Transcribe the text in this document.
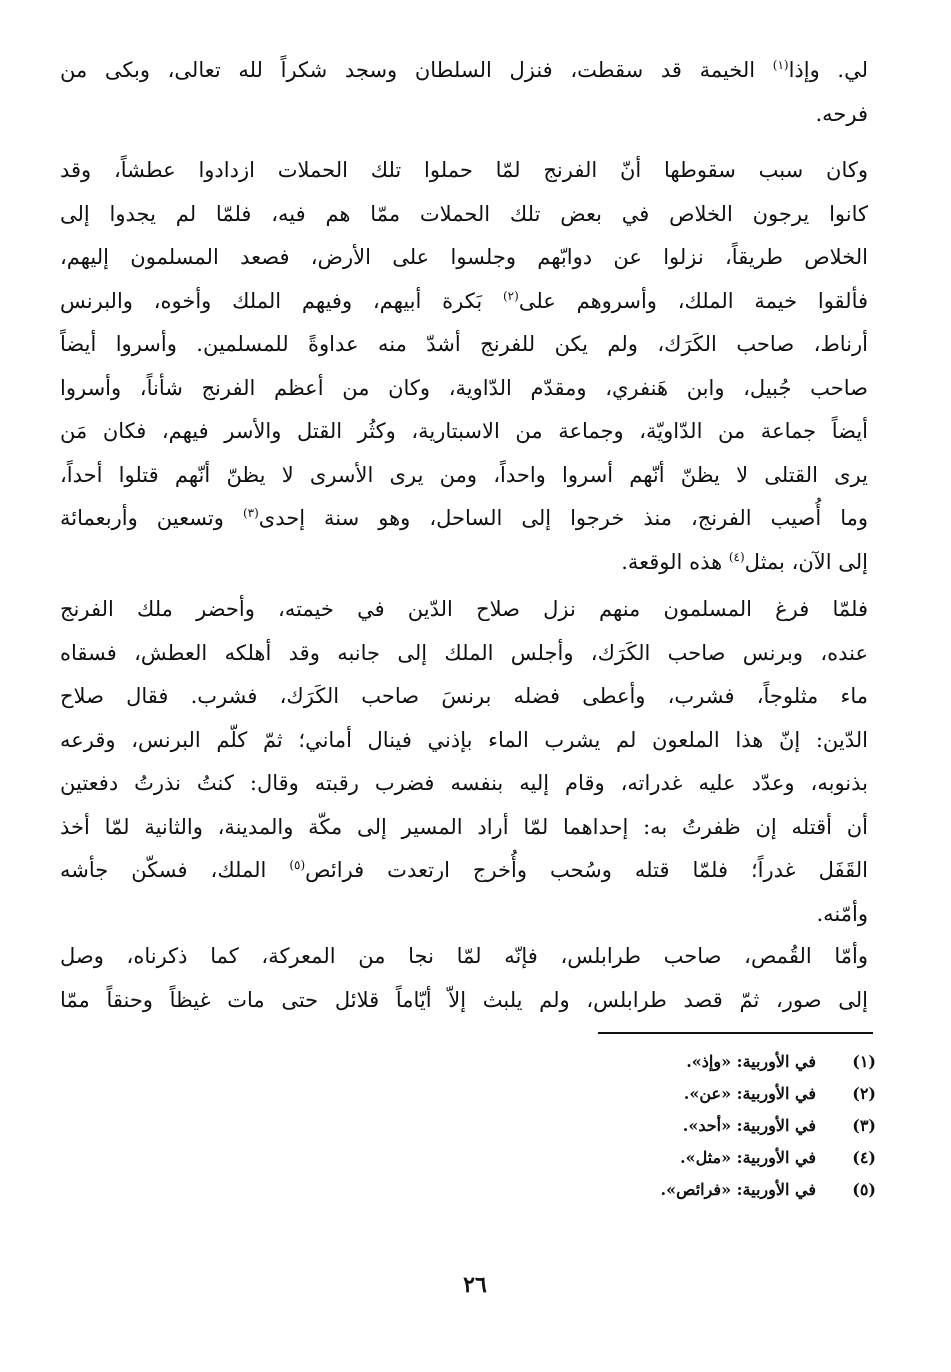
لي. وإذا$^{(١)}$ الخيمة قد سقطت، فنزل السلطان وسجد شكراً لله تعالى، وبكى من
فرحه.
وكان سبب سقوطها أنّ الفرنج لمّا حملوا تلك الحملات ازدادوا عطشاً، وقد
كانوا يرجون الخلاص في بعض تلك الحملات ممّا هم فيه، فلمّا لم يجدوا إلى
الخلاص طريقاً، نزلوا عن دوابّهم وجلسوا على الأرض، فصعد المسلمون إليهم،
فألقوا خيمة الملك، وأسروهم على$^{(٢)}$ بَكرة أبيهم، وفيهم الملك وأخوه، والبرنس
أرناط، صاحب الكَرَك، ولم يكن للفرنج أشدّ منه عداوةً للمسلمين. وأسروا أيضاً
صاحب جُبيل، وابن هَنفري، ومقدّم الدّاوية، وكان من أعظم الفرنج شأناً، وأسروا
أيضاً جماعة من الدّاويّة، وجماعة من الاسبتارية، وكثُر القتل والأسر فيهم، فكان مَن
يرى القتلى لا يظنّ أنّهم أسروا واحداً، ومن يرى الأسرى لا يظنّ أنّهم قتلوا أحداً،
وما أُصيب الفرنج، منذ خرجوا إلى الساحل، وهو سنة إحدى$^{(٣)}$ وتسعين وأربعمائة
إلى الآن، بمثل$^{(٤)}$ هذه الوقعة.
فلمّا فرغ المسلمون منهم نزل صلاح الدّين في خيمته، وأحضر ملك الفرنج
عنده، وبرنس صاحب الكَرَك، وأجلس الملك إلى جانبه وقد أهلكه العطش، فسقاه
ماء مثلوجاً، فشرب، وأعطى فضله برنسَ صاحب الكَرَك، فشرب. فقال صلاح
الدّين: إنّ هذا الملعون لم يشرب الماء بإذني فينال أماني؛ ثمّ كلّم البرنس، وقرعه
بذنوبه، وعدّد عليه غدراته، وقام إليه بنفسه فضرب رقبته وقال: كنتُ نذرتُ دفعتين
أن أقتله إن ظفرتُ به: إحداهما لمّا أراد المسير إلى مكّة والمدينة، والثانية لمّا أخذ
القَفَل غدراً؛ فلمّا قتله وسُحب وأُخرج ارتعدت فرائص$^{(٥)}$ الملك، فسكّن جأشه
وأمّنه.
وأمّا القُمص، صاحب طرابلس، فإنّه لمّا نجا من المعركة، كما ذكرناه، وصل
إلى صور، ثمّ قصد طرابلس، ولم يلبث إلاّ أيّاماً قلائل حتى مات غيظاً وحنقاً ممّا
(١)
في الأوربية: «وإذ».
(٢)
في الأوربية: «عن».
(٣)
في الأوربية: «أحد».
(٤)
في الأوربية: «مثل».
(٥)
في الأوربية: «فرائص».
٢٦
